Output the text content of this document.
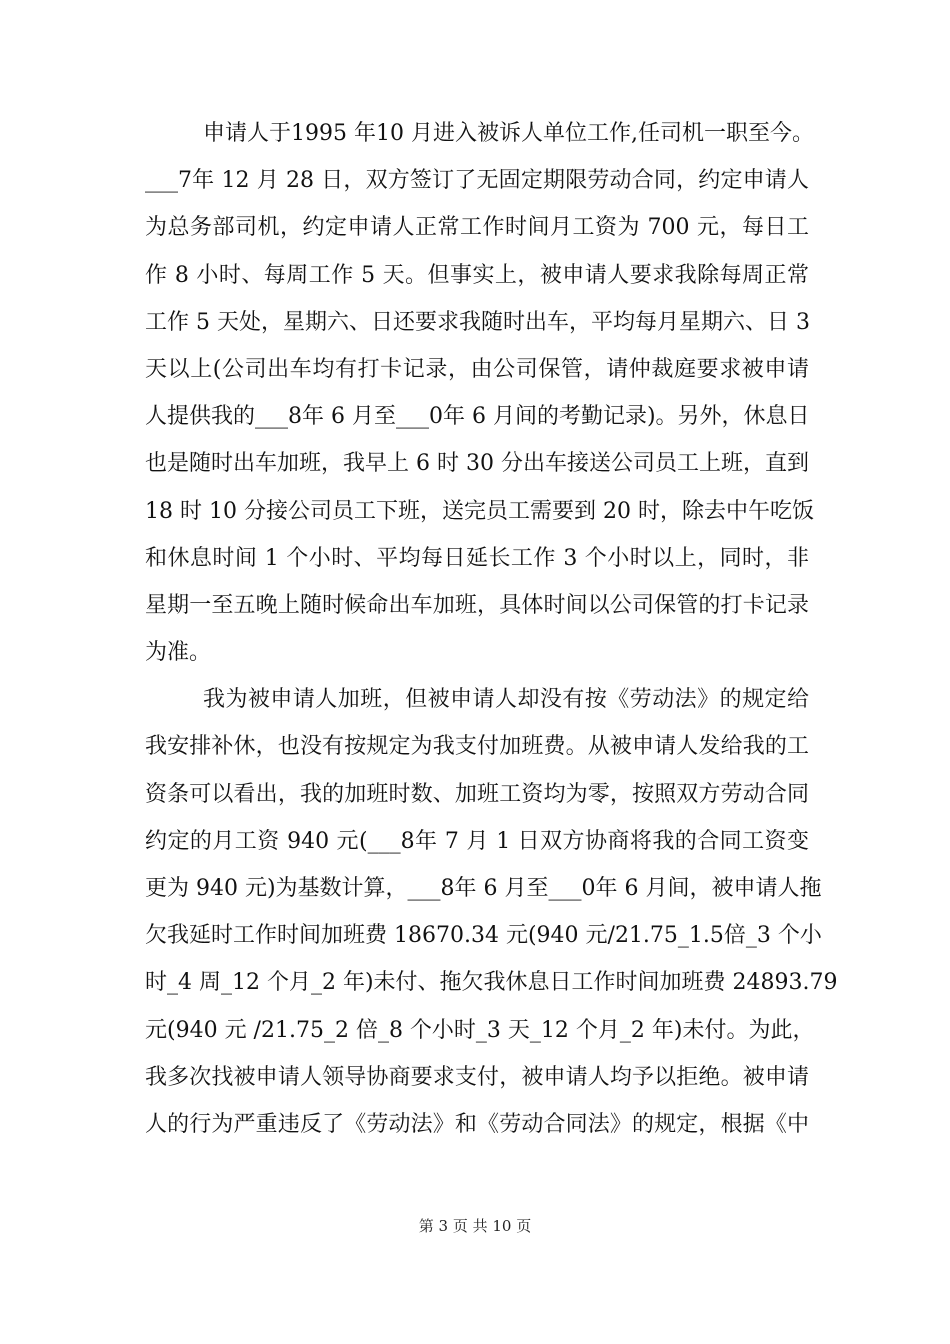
申请人于1995 年10 月进入被诉人单位工作,任司机一职至今。
___7年 12 月 28 日，双方签订了无固定期限劳动合同，约定申请人
为总务部司机，约定申请人正常工作时间月工资为 700 元，每日工
作 8 小时、每周工作 5 天。但事实上，被申请人要求我除每周正常
工作 5 天处，星期六、日还要求我随时出车，平均每月星期六、日 3
天以上(公司出车均有打卡记录，由公司保管，请仲裁庭要求被申请
人提供我的___8年 6 月至___0年 6 月间的考勤记录)。另外，休息日
也是随时出车加班，我早上 6 时 30 分出车接送公司员工上班，直到
18 时 10 分接公司员工下班，送完员工需要到 20 时，除去中午吃饭
和休息时间 1 个小时、平均每日延长工作 3 个小时以上，同时，非
星期一至五晚上随时候命出车加班，具体时间以公司保管的打卡记录
为准。
我为被申请人加班，但被申请人却没有按《劳动法》的规定给
我安排补休，也没有按规定为我支付加班费。从被申请人发给我的工
资条可以看出，我的加班时数、加班工资均为零，按照双方劳动合同
约定的月工资 940 元(___8年 7 月 1 日双方协商将我的合同工资变
更为 940 元)为基数计算，___8年 6 月至___0年 6 月间，被申请人拖
欠我延时工作时间加班费 18670.34 元(940 元/21.75_1.5倍_3 个小
时_4 周_12 个月_2 年)未付、拖欠我休息日工作时间加班费 24893.79
元(940 元 /21.75_2 倍_8 个小时_3 天_12 个月_2 年)未付。为此，
我多次找被申请人领导协商要求支付，被申请人均予以拒绝。被申请
人的行为严重违反了《劳动法》和《劳动合同法》的规定，根据《中
第 3 页 共 10 页
